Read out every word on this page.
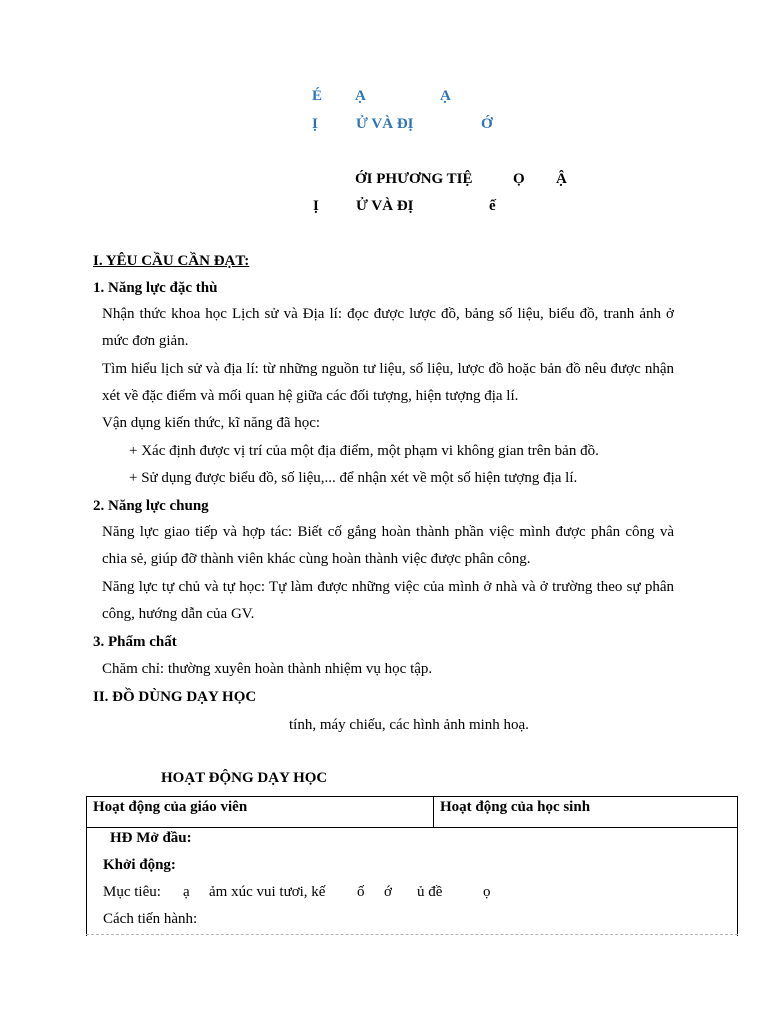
É Ạ	Ạ
Ị	Ử VÀ ĐỊ	Ớ
ỚI PHƯƠNG TIỆ	Ọ Ậ
Ị Ử VÀ ĐỊ	ế
I. YÊU CẦU CẦN ĐẠT:
1. Năng lực đặc thù
Nhận thức khoa học Lịch sử và Địa lí: đọc được lược đồ, bảng số liệu, biểu đồ, tranh ảnh ở mức đơn giản.
Tìm hiểu lịch sử và địa lí: từ những nguồn tư liệu, số liệu, lược đồ hoặc bản đồ nêu được nhận xét về đặc điểm và mối quan hệ giữa các đối tượng, hiện tượng địa lí.
Vận dụng kiến thức, kĩ năng đã học:
+ Xác định được vị trí của một địa điểm, một phạm vi không gian trên bản đồ.
+ Sử dụng được biểu đồ, số liệu,... để nhận xét về một số hiện tượng địa lí.
2. Năng lực chung
Năng lực giao tiếp và hợp tác: Biết cố gắng hoàn thành phần việc mình được phân công và chia sẻ, giúp đỡ thành viên khác cùng hoàn thành việc được phân công.
Năng lực tự chủ và tự học: Tự làm được những việc của mình ở nhà và ở trường theo sự phân công, hướng dẫn của GV.
3. Phẩm chất
Chăm chỉ: thường xuyên hoàn thành nhiệm vụ học tập.
II. ĐỒ DÙNG DẠY HỌC
tính, máy chiếu, các hình ảnh minh hoạ.
HOẠT ĐỘNG DẠY HỌC
Hoạt động của giáo viên	Hoạt động của học sinh

HĐ Mở đầu:
Khởi động:
Mục tiêu: ạ ảm xúc vui tươi, kế ố ớ ủ đề	ọ
Cách tiến hành:
